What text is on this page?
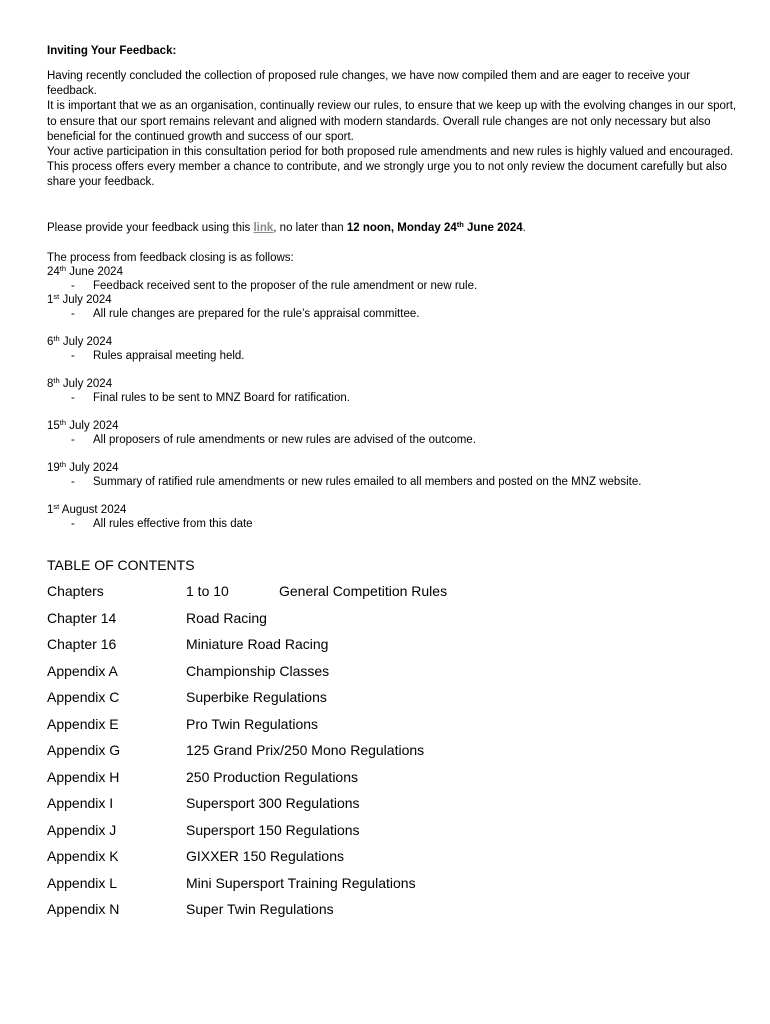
Inviting Your Feedback:

Having recently concluded the collection of proposed rule changes, we have now compiled them and are eager to receive your feedback.

It is important that we as an organisation, continually review our rules, to ensure that we keep up with the evolving changes in our sport, to ensure that our sport remains relevant and aligned with modern standards. Overall rule changes are not only necessary but also beneficial for the continued growth and success of our sport.

Your active participation in this consultation period for both proposed rule amendments and new rules is highly valued and encouraged.

This process offers every member a chance to contribute, and we strongly urge you to not only review the document carefully but also share your feedback.

Please provide your feedback using this link, no later than 12 noon, Monday 24th June 2024.
The process from feedback closing is as follows:
24th June 2024
- Feedback received sent to the proposer of the rule amendment or new rule.
1st July 2024
- All rule changes are prepared for the rule’s appraisal committee.
6th July 2024
- Rules appraisal meeting held.
8th July 2024
- Final rules to be sent to MNZ Board for ratification.
15th July 2024
- All proposers of rule amendments or new rules are advised of the outcome.
19th July 2024
- Summary of ratified rule amendments or new rules emailed to all members and posted on the MNZ website.
1st August 2024
- All rules effective from this date
TABLE OF CONTENTS
Chapters	1 to 10	General Competition Rules
Chapter 14	Road Racing
Chapter 16	Miniature Road Racing
Appendix A	Championship Classes
Appendix C	Superbike Regulations
Appendix E	Pro Twin Regulations
Appendix G	125 Grand Prix/250 Mono Regulations
Appendix H	250 Production Regulations
Appendix I	Supersport 300 Regulations
Appendix J	Supersport 150 Regulations
Appendix K	GIXXER 150 Regulations
Appendix L	Mini Supersport Training Regulations
Appendix N	Super Twin Regulations
